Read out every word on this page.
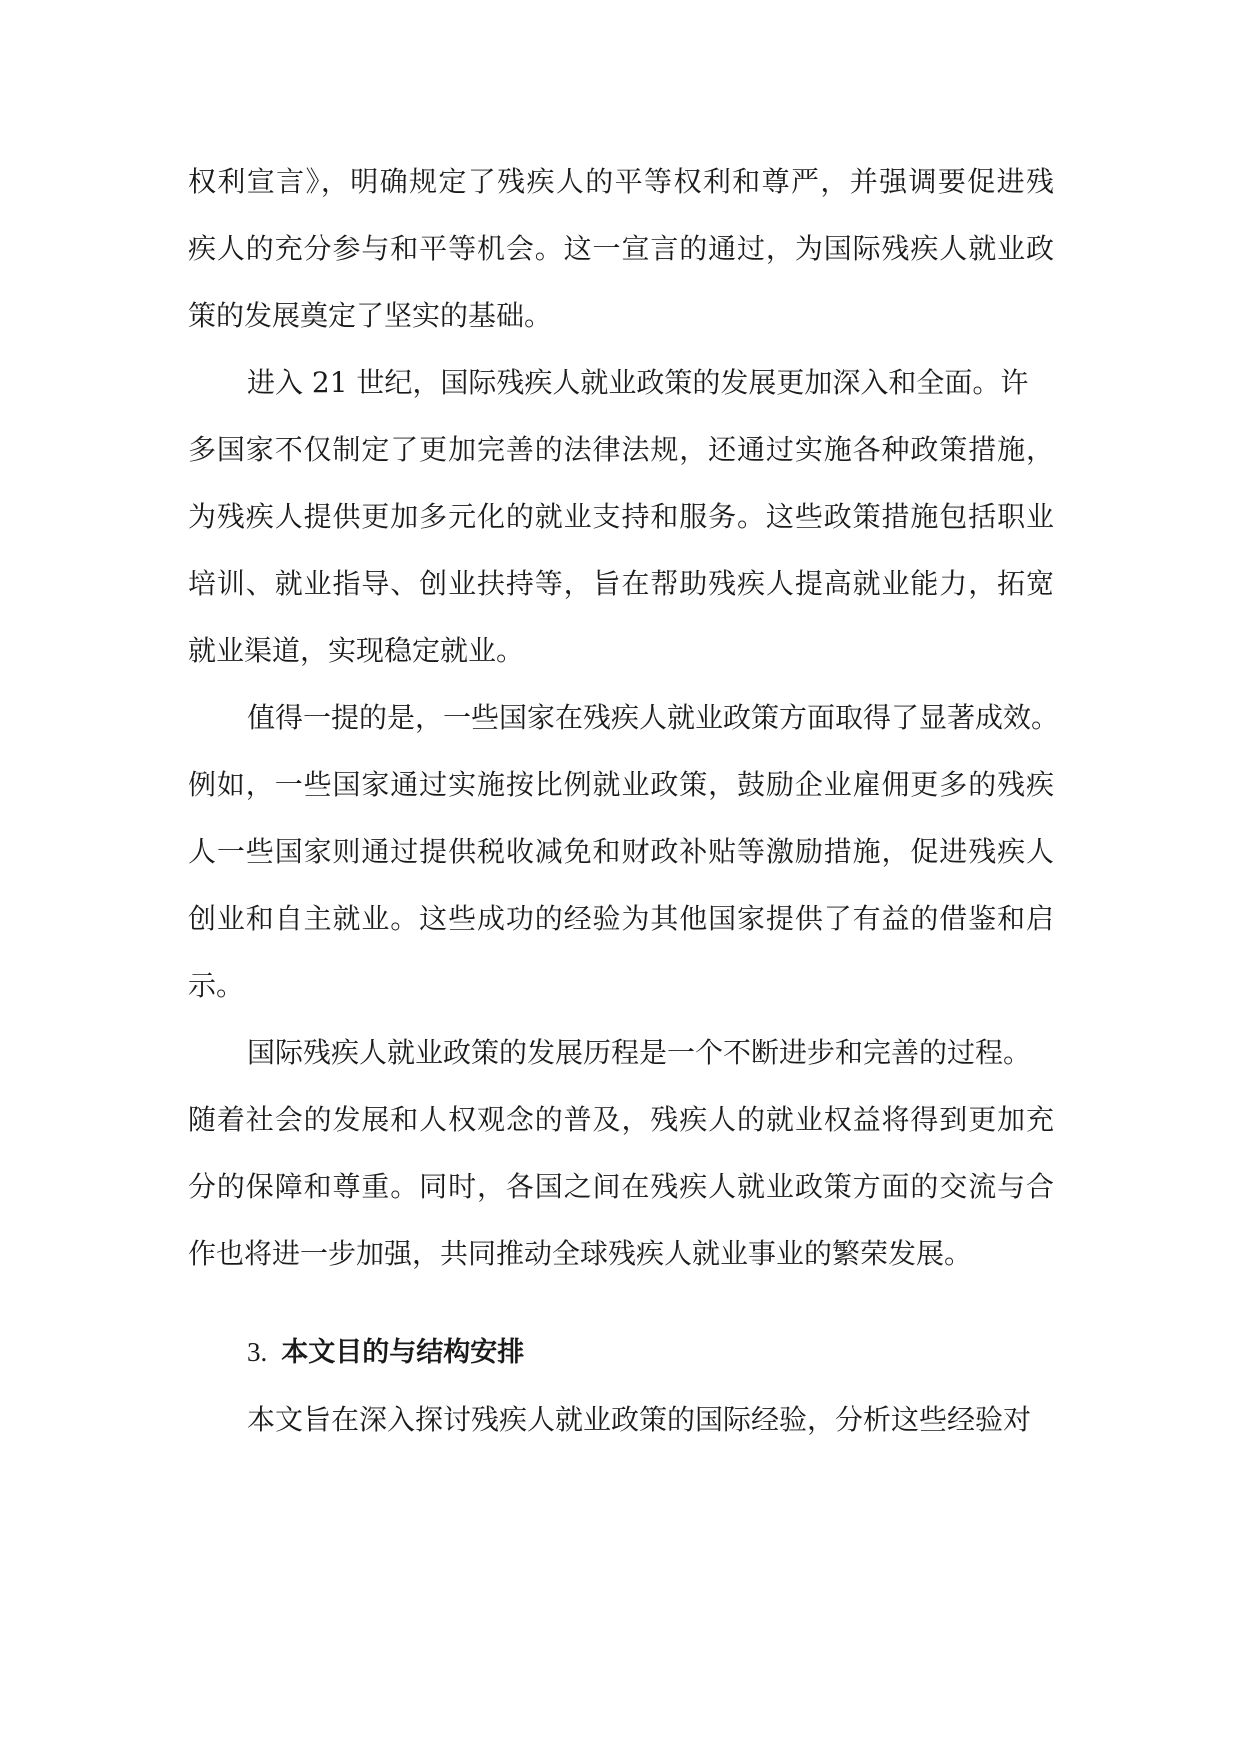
权利宣言》，明确规定了残疾人的平等权利和尊严，并强调要促进残
疾人的充分参与和平等机会。这一宣言的通过，为国际残疾人就业政
策的发展奠定了坚实的基础。
进入 21 世纪，国际残疾人就业政策的发展更加深入和全面。许
多国家不仅制定了更加完善的法律法规，还通过实施各种政策措施，
为残疾人提供更加多元化的就业支持和服务。这些政策措施包括职业
培训、就业指导、创业扶持等，旨在帮助残疾人提高就业能力，拓宽
就业渠道，实现稳定就业。
值得一提的是，一些国家在残疾人就业政策方面取得了显著成效。
例如，一些国家通过实施按比例就业政策，鼓励企业雇佣更多的残疾
人一些国家则通过提供税收减免和财政补贴等激励措施，促进残疾人
创业和自主就业。这些成功的经验为其他国家提供了有益的借鉴和启
示。
国际残疾人就业政策的发展历程是一个不断进步和完善的过程。
随着社会的发展和人权观念的普及，残疾人的就业权益将得到更加充
分的保障和尊重。同时，各国之间在残疾人就业政策方面的交流与合
作也将进一步加强，共同推动全球残疾人就业事业的繁荣发展。
3. 本文目的与结构安排
本文旨在深入探讨残疾人就业政策的国际经验，分析这些经验对
